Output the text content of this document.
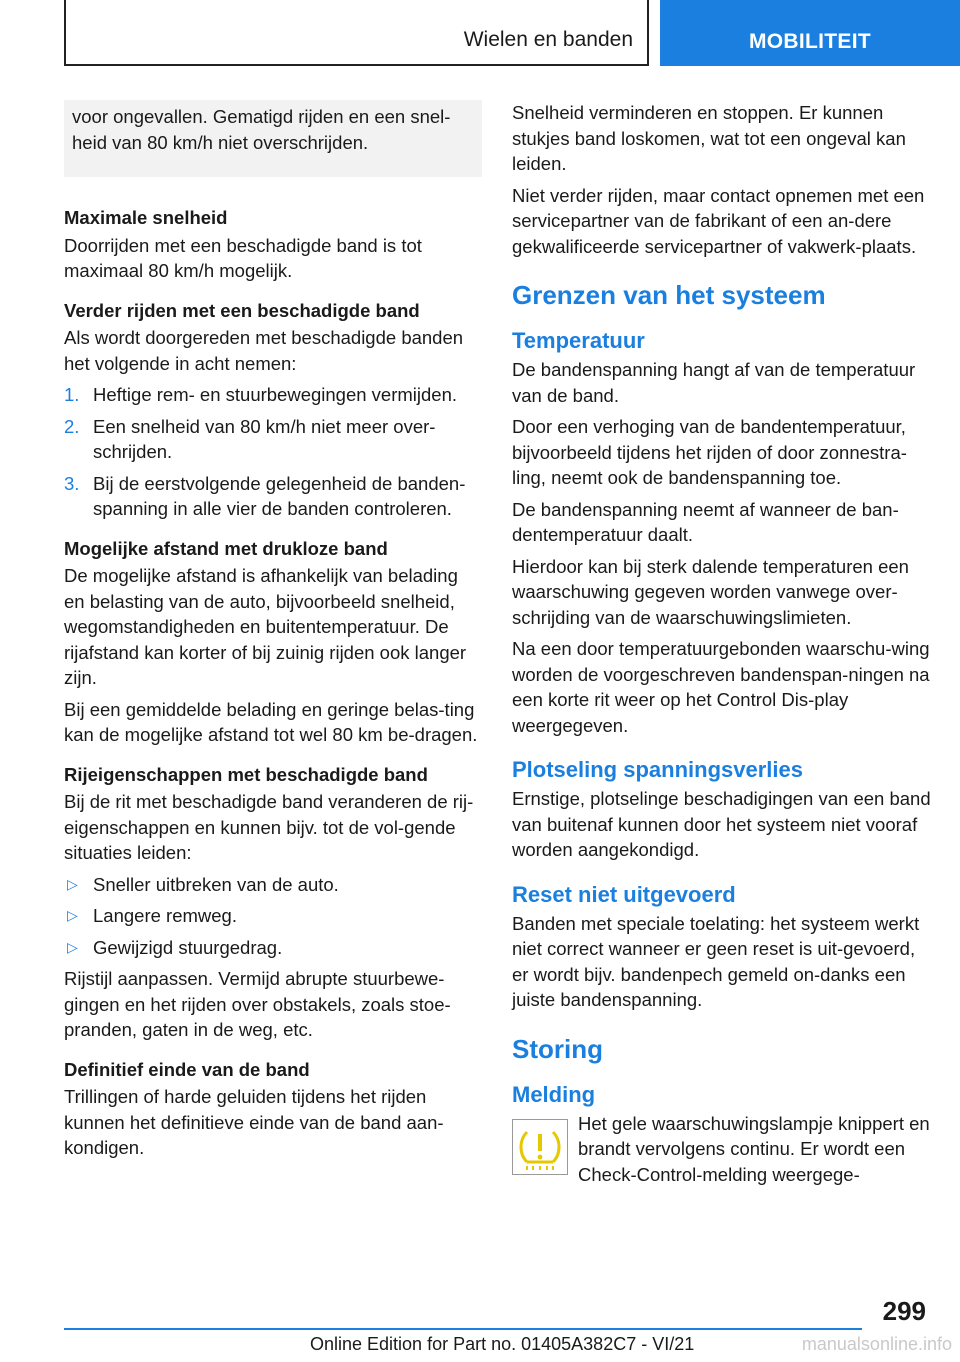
Wielen en banden	MOBILITEIT

voor ongevallen. Gematigd rijden en een snel-heid van 80 km/h niet overschrijden.

Maximale snelheid

Doorrijden met een beschadigde band is tot maximaal 80 km/h mogelijk.

Verder rijden met een beschadigde band

Als wordt doorgereden met beschadigde banden het volgende in acht nemen:

1. Heftige rem- en stuurbewegingen vermijden.
2. Een snelheid van 80 km/h niet meer over-schrijden.
3. Bij de eerstvolgende gelegenheid de banden-spanning in alle vier de banden controleren.
Mogelijke afstand met drukloze band

De mogelijke afstand is afhankelijk van belading en belasting van de auto, bijvoorbeeld snelheid, wegomstandigheden en buitentemperatuur. De rijafstand kan korter of bij zuinig rijden ook langer zijn.

Bij een gemiddelde belading en geringe belas-ting kan de mogelijke afstand tot wel 80 km be-dragen.

Rijeigenschappen met beschadigde band

Bij de rit met beschadigde band veranderen de rij-eigenschappen en kunnen bijv. tot de vol-gende situaties leiden:

▷ Sneller uitbreken van de auto.
▷ Langere remweg.
▷ Gewijzigd stuurgedrag.

Rijstijl aanpassen. Vermijd abrupte stuurbewe-gingen en het rijden over obstakels, zoals stoe-pranden, gaten in de weg, etc.

Definitief einde van de band

Trillingen of harde geluiden tijdens het rijden kunnen het definitieve einde van de band aan-kondigen.

Snelheid verminderen en stoppen. Er kunnen stukjes band loskomen, wat tot een ongeval kan leiden.

Niet verder rijden, maar contact opnemen met een servicepartner van de fabrikant of een an-dere gekwalificeerde servicepartner of vakwerk-plaats.

Grenzen van het systeem
Temperatuur

De bandenspanning hangt af van de temperatuur van de band.

Door een verhoging van de bandentemperatuur, bijvoorbeeld tijdens het rijden of door zonnestra-ling, neemt ook de bandenspanning toe.

De bandenspanning neemt af wanneer de ban-dentemperatuur daalt.

Hierdoor kan bij sterk dalende temperaturen een waarschuwing gegeven worden vanwege over-schrijding van de waarschuwingslimieten.

Na een door temperatuurgebonden waarschu-wing worden de voorgeschreven bandenspan-ningen na een korte rit weer op het Control Dis-play weergegeven.

Plotseling spanningsverlies

Ernstige, plotselinge beschadigingen van een band van buitenaf kunnen door het systeem niet vooraf worden aangekondigd.

Reset niet uitgevoerd

Banden met speciale toelating: het systeem werkt niet correct wanneer er geen reset is uit-gevoerd, er wordt bijv. bandenpech gemeld on-danks een juiste bandenspanning.

Storing
Melding

Het gele waarschuwingslampje knippert en brandt vervolgens continu. Er wordt een Check-Control-melding weergege-

299
Online Edition for Part no. 01405A382C7 - VI/21	manualsonline.info
